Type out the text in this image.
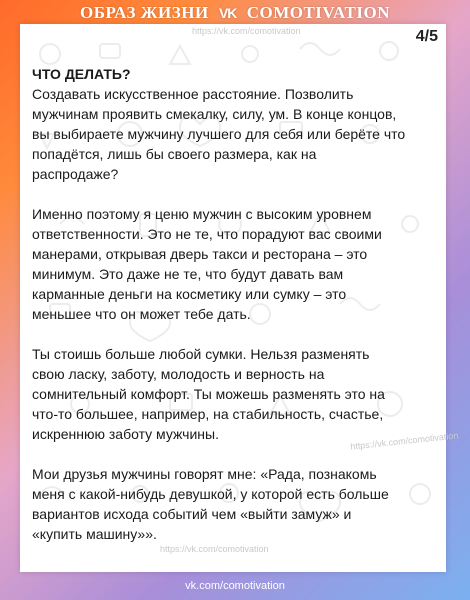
ОБРАЗ ЖИЗНИ VK COMOTIVATION
https://vk.com/comotivation
https://vk.com/comotivation
https://vk.com/comotivation
4/5
ЧТО ДЕЛАТЬ?

Создавать искусственное расстояние. Позволить
мужчинам проявить смекалку, силу, ум. В конце концов,
вы выбираете мужчину лучшего для себя или берёте что
попадётся, лишь бы своего размера, как на
распродаже?

Именно поэтому я ценю мужчин с высоким уровнем
ответственности. Это не те, что порадуют вас своими
манерами, открывая дверь такси и ресторана – это
минимум. Это даже не те, что будут давать вам
карманные деньги на косметику или сумку – это
меньшее что он может тебе дать.

Ты стоишь больше любой сумки. Нельзя разменять
свою ласку, заботу, молодость и верность на
сомнительный комфорт. Ты можешь разменять это на
что-то большее, например, на стабильность, счастье,
искреннюю заботу мужчины.

Мои друзья мужчины говорят мне: «Рада, познакомь
меня с какой-нибудь девушкой, у которой есть больше
вариантов исхода событий чем «выйти замуж» и
«купить машину»».

vk.com/comotivation
